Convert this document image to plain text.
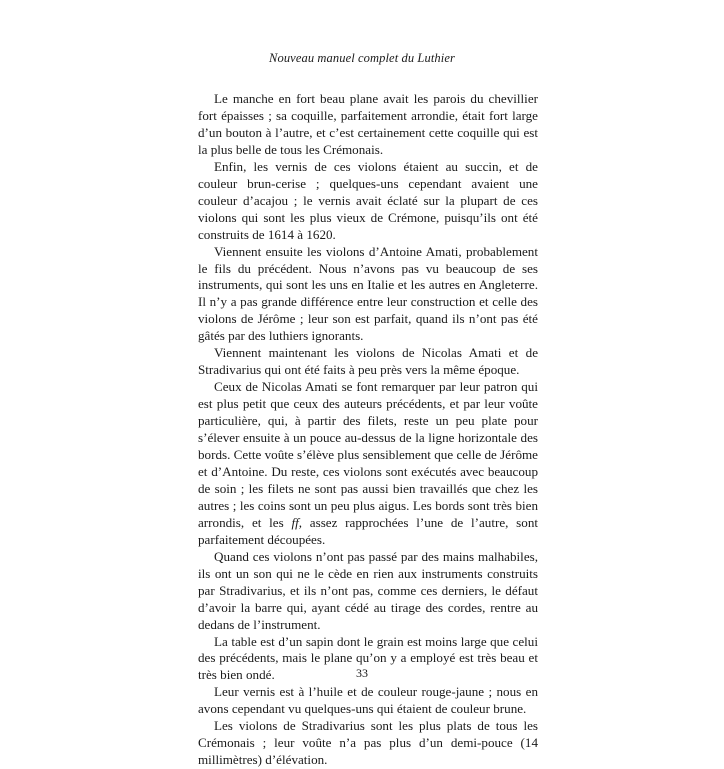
Nouveau manuel complet du Luthier

Le manche en fort beau plane avait les parois du chevillier fort épaisses ; sa coquille, parfaitement arrondie, était fort large d’un bouton à l’autre, et c’est certainement cette coquille qui est la plus belle de tous les Crémonais.

Enfin, les vernis de ces violons étaient au succin, et de couleur brun-cerise ; quelques-uns cependant avaient une couleur d’acajou ; le vernis avait éclaté sur la plupart de ces violons qui sont les plus vieux de Crémone, puisqu’ils ont été construits de 1614 à 1620.

Viennent ensuite les violons d’Antoine Amati, probablement le fils du précédent. Nous n’avons pas vu beaucoup de ses instruments, qui sont les uns en Italie et les autres en Angleterre. Il n’y a pas grande différence entre leur construction et celle des violons de Jérôme ; leur son est parfait, quand ils n’ont pas été gâtés par des luthiers ignorants.

Viennent maintenant les violons de Nicolas Amati et de Stradivarius qui ont été faits à peu près vers la même époque.

Ceux de Nicolas Amati se font remarquer par leur patron qui est plus petit que ceux des auteurs précédents, et par leur voûte particulière, qui, à partir des filets, reste un peu plate pour s’élever ensuite à un pouce au-dessus de la ligne horizontale des bords. Cette voûte s’élève plus sensiblement que celle de Jérôme et d’Antoine. Du reste, ces violons sont exécutés avec beaucoup de soin ; les filets ne sont pas aussi bien travaillés que chez les autres ; les coins sont un peu plus aigus. Les bords sont très bien arrondis, et les ff, assez rapprochées l’une de l’autre, sont parfaitement découpées.

Quand ces violons n’ont pas passé par des mains malhabiles, ils ont un son qui ne le cède en rien aux instruments construits par Stradivarius, et ils n’ont pas, comme ces derniers, le défaut d’avoir la barre qui, ayant cédé au tirage des cordes, rentre au dedans de l’instrument.

La table est d’un sapin dont le grain est moins large que celui des précédents, mais le plane qu’on y a employé est très beau et très bien ondé.

Leur vernis est à l’huile et de couleur rouge-jaune ; nous en avons cependant vu quelques-uns qui étaient de couleur brune.

Les violons de Stradivarius sont les plus plats de tous les Crémonais ; leur voûte n’a pas plus d’un demi-pouce (14 millimètres) d’élévation.

33
